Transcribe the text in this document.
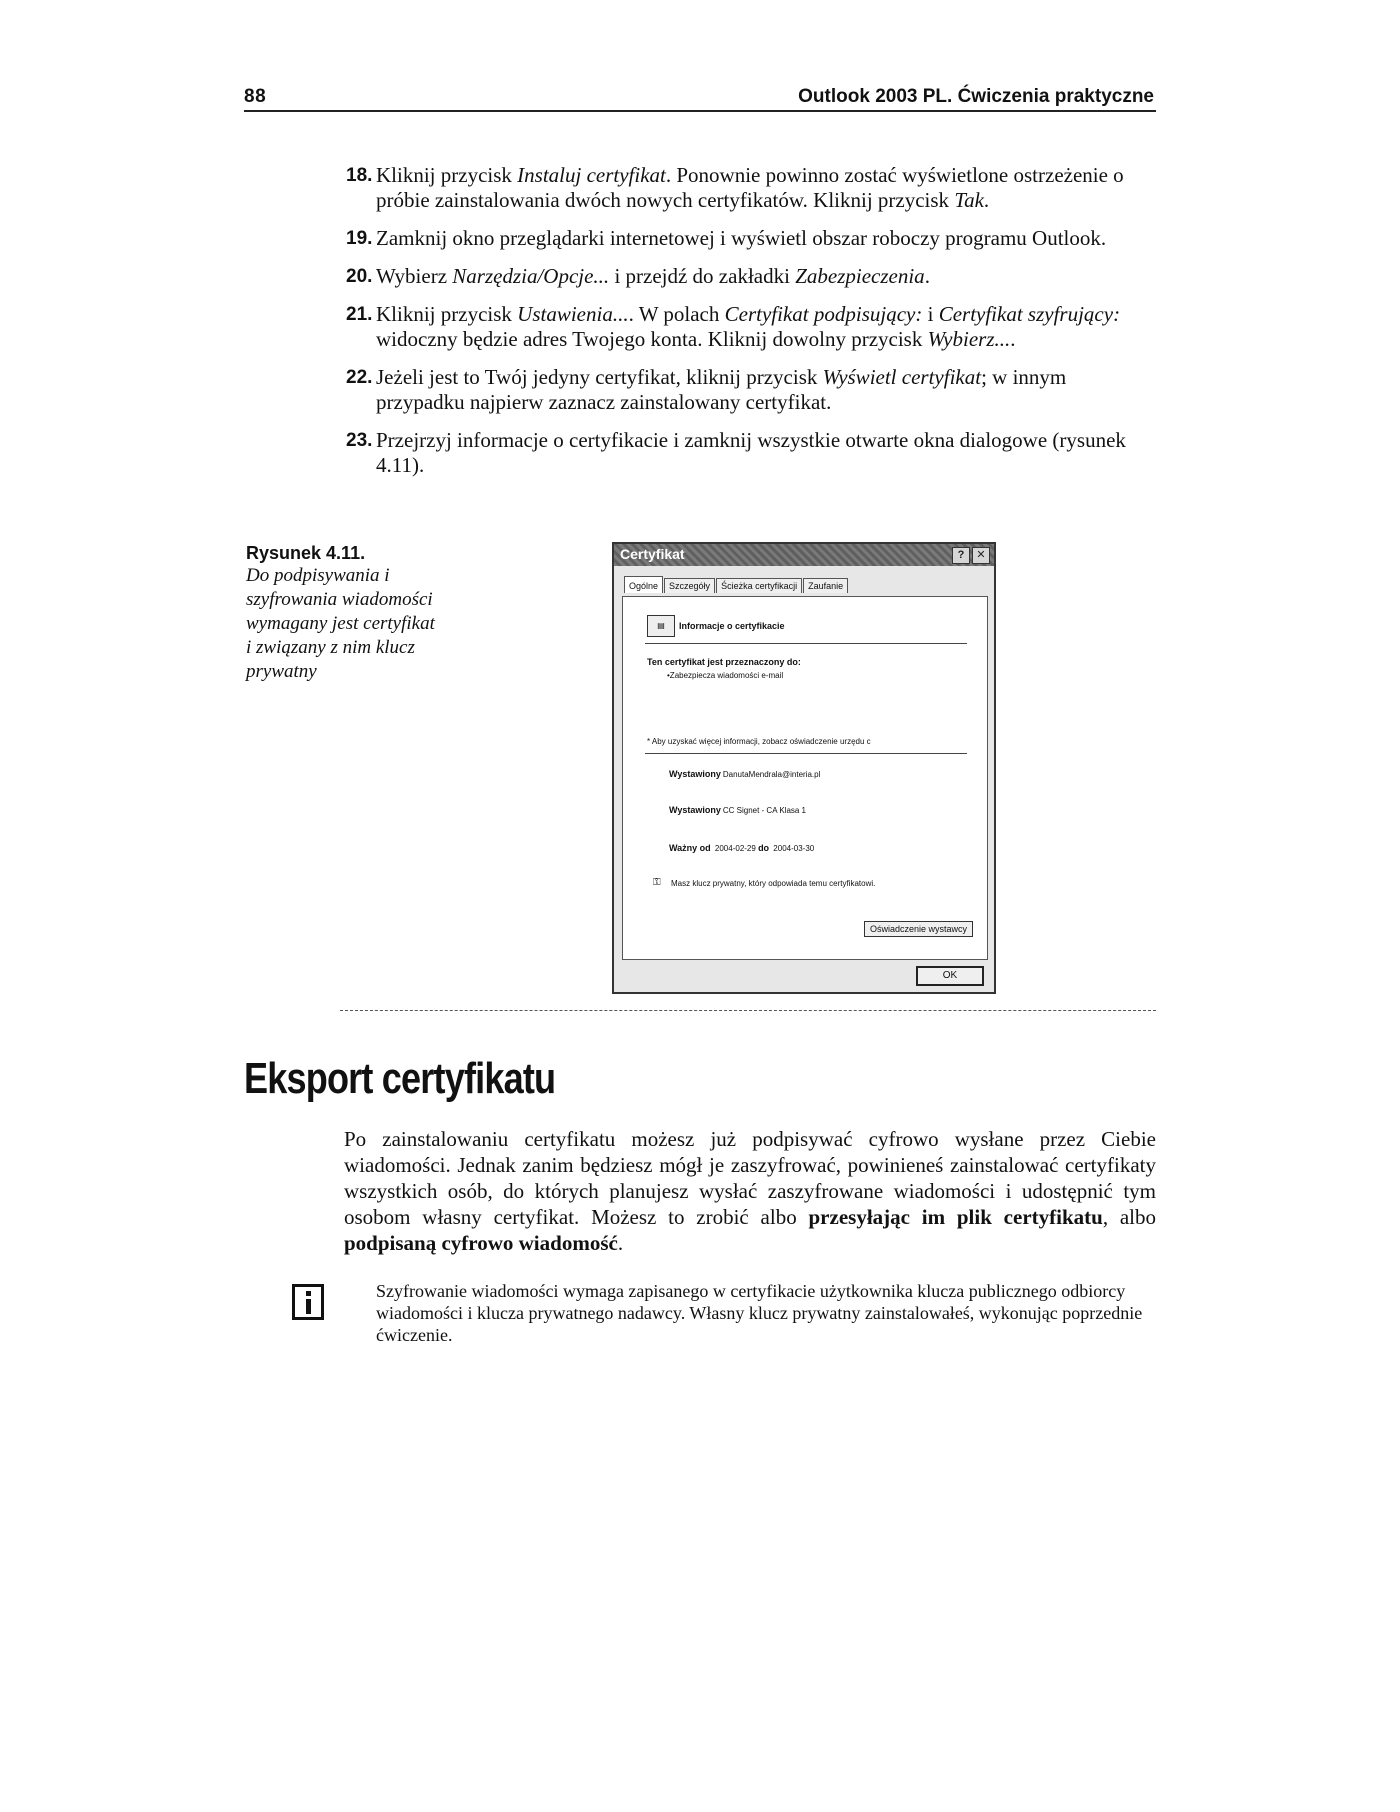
88	Outlook 2003 PL. Ćwiczenia praktyczne
18. Kliknij przycisk Instaluj certyfikat. Ponownie powinno zostać wyświetlone ostrzeżenie o próbie zainstalowania dwóch nowych certyfikatów. Kliknij przycisk Tak.
19. Zamknij okno przeglądarki internetowej i wyświetl obszar roboczy programu Outlook.
20. Wybierz Narzędzia/Opcje... i przejdź do zakładki Zabezpieczenia.
21. Kliknij przycisk Ustawienia.... W polach Certyfikat podpisujący: i Certyfikat szyfrujący: widoczny będzie adres Twojego konta. Kliknij dowolny przycisk Wybierz....
22. Jeżeli jest to Twój jedyny certyfikat, kliknij przycisk Wyświetl certyfikat; w innym przypadku najpierw zaznacz zainstalowany certyfikat.
23. Przejrzyj informacje o certyfikacie i zamknij wszystkie otwarte okna dialogowe (rysunek 4.11).
Rysunek 4.11.
Do podpisywania i szyfrowania wiadomości wymagany jest certyfikat i związany z nim klucz prywatny
Certyfikat	?	✕
Ogólne Szczegóły Ścieżka certyfikacji Zaufanie
▤	Informacje o certyfikacie
Ten certyfikat jest przeznaczony do:
•Zabezpiecza wiadomości e-mail
* Aby uzyskać więcej informacji, zobacz oświadczenie urzędu c
Wystawiony DanutaMendrala@interia.pl
Wystawiony CC Signet - CA Klasa 1
Ważny od 2004-02-29 do 2004-03-30
⚿ Masz klucz prywatny, który odpowiada temu certyfikatowi.
Oświadczenie wystawcy
OK
Eksport certyfikatu
Po zainstalowaniu certyfikatu możesz już podpisywać cyfrowo wysłane przez Ciebie wiadomości. Jednak zanim będziesz mógł je zaszyfrować, powinieneś zainstalować certyfikaty wszystkich osób, do których planujesz wysłać zaszyfrowane wiadomości i udostępnić tym osobom własny certyfikat. Możesz to zrobić albo przesyłając im plik certyfikatu, albo podpisaną cyfrowo wiadomość.
Szyfrowanie wiadomości wymaga zapisanego w certyfikacie użytkownika klucza publicznego odbiorcy wiadomości i klucza prywatnego nadawcy. Własny klucz prywatny zainstalowałeś, wykonując poprzednie ćwiczenie.
